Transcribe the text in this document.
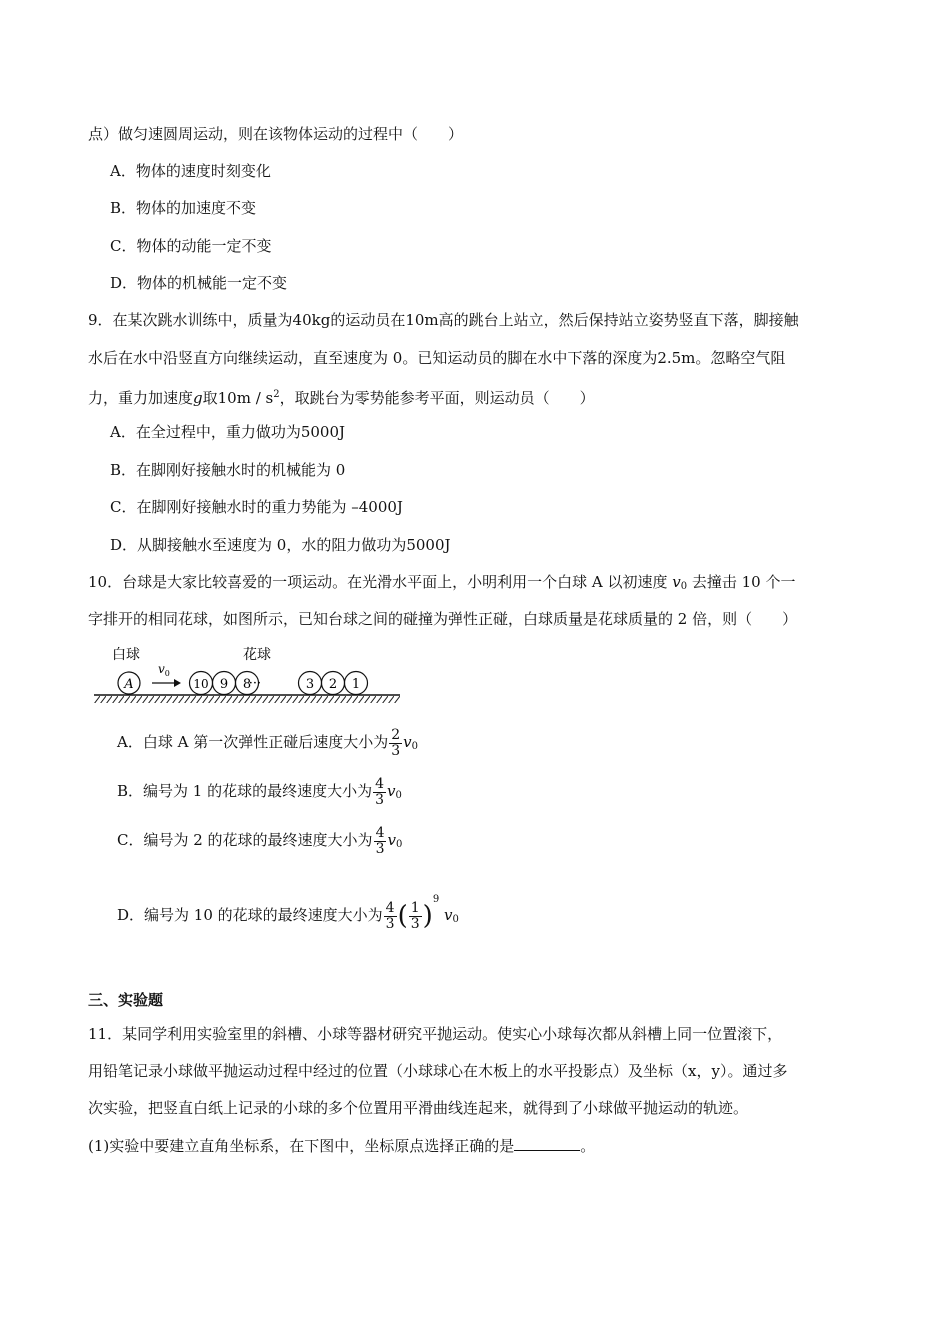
点）做匀速圆周运动，则在该物体运动的过程中（　　）
A．物体的速度时刻变化
B．物体的加速度不变
C．物体的动能一定不变
D．物体的机械能一定不变
9．在某次跳水训练中，质量为40kg的运动员在10m高的跳台上站立，然后保持站立姿势竖直下落，脚接触
水后在水中沿竖直方向继续运动，直至速度为 0。已知运动员的脚在水中下落的深度为2.5m。忽略空气阻
力，重力加速度g取$10m / s^2$，取跳台为零势能参考平面，则运动员（　　）
A．在全过程中，重力做功为5000J
B．在脚刚好接触水时的机械能为 0
C．在脚刚好接触水时的重力势能为 –4000J
D．从脚接触水至速度为 0，水的阻力做功为5000J
10．台球是大家比较喜爱的一项运动。在光滑水平面上，小明利用一个白球 A 以初速度 $v_0$ 去撞击 10 个一
字排开的相同花球，如图所示，已知台球之间的碰撞为弹性正碰，白球质量是花球质量的 2 倍，则（　　）
白球	花球
$v_0$
A	10 9 8
···	3 2 1
A．白球 A 第一次弹性正碰后速度大小为 $\frac{2}{3} v_0$
B．编号为 1 的花球的最终速度大小为 $\frac{4}{3} v_0$
C．编号为 2 的花球的最终速度大小为 $\frac{4}{3} v_0$
D．编号为 10 的花球的最终速度大小为 $\frac{4}{3}$ ( $\frac{1}{3} )^9$ $v_0$
三、实验题
11．某同学利用实验室里的斜槽、小球等器材研究平抛运动。使实心小球每次都从斜槽上同一位置滚下，
用铅笔记录小球做平抛运动过程中经过的位置（小球球心在木板上的水平投影点）及坐标（x，y）。通过多
次实验，把竖直白纸上记录的小球的多个位置用平滑曲线连起来，就得到了小球做平抛运动的轨迹。
(1)实验中要建立直角坐标系，在下图中，坐标原点选择正确的是	。
